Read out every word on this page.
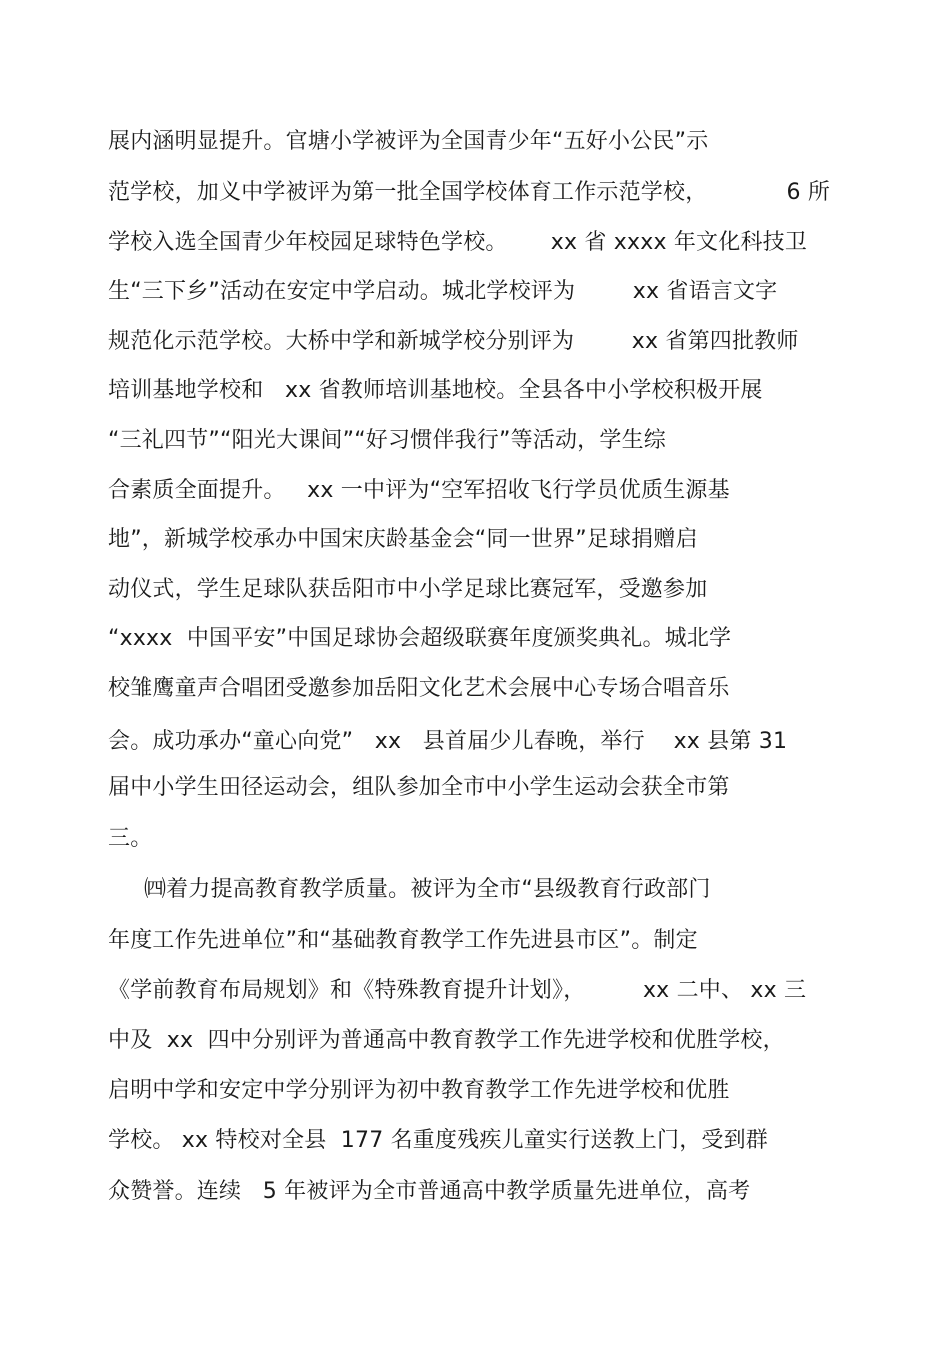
展内涵明显提升。官塘小学被评为全国青少年“五好小公民”示
范学校，加义中学被评为第一批全国学校体育工作示范学校，           6 所
学校入选全国青少年校园足球特色学校。      xx 省 xxxx 年文化科技卫
生“三下乡”活动在安定中学启动。城北学校评为        xx 省语言文字
规范化示范学校。大桥中学和新城学校分别评为        xx 省第四批教师
培训基地学校和   xx 省教师培训基地校。全县各中小学校积极开展
“三礼四节”“阳光大课间”“好习惯伴我行”等活动，学生综
合素质全面提升。   xx 一中评为“空军招收飞行学员优质生源基
地”，新城学校承办中国宋庆龄基金会“同一世界”足球捐赠启
动仪式，学生足球队获岳阳市中小学足球比赛冠军，受邀参加
“xxxx  中国平安”中国足球协会超级联赛年度颁奖典礼。城北学
校雏鹰童声合唱团受邀参加岳阳文化艺术会展中心专场合唱音乐
会。成功承办“童心向党”   xx   县首届少儿春晚，举行    xx 县第 31
届中小学生田径运动会，组队参加全市中小学生运动会获全市第
三。
㈣着力提高教育教学质量。被评为全市“县级教育行政部门
年度工作先进单位”和“基础教育教学工作先进县市区”。制定
《学前教育布局规划》和《特殊教育提升计划》，        xx 二中、 xx 三
中及  xx  四中分别评为普通高中教育教学工作先进学校和优胜学校，
启明中学和安定中学分别评为初中教育教学工作先进学校和优胜
学校。 xx 特校对全县  177 名重度残疾儿童实行送教上门，受到群
众赞誉。连续   5 年被评为全市普通高中教学质量先进单位，高考
